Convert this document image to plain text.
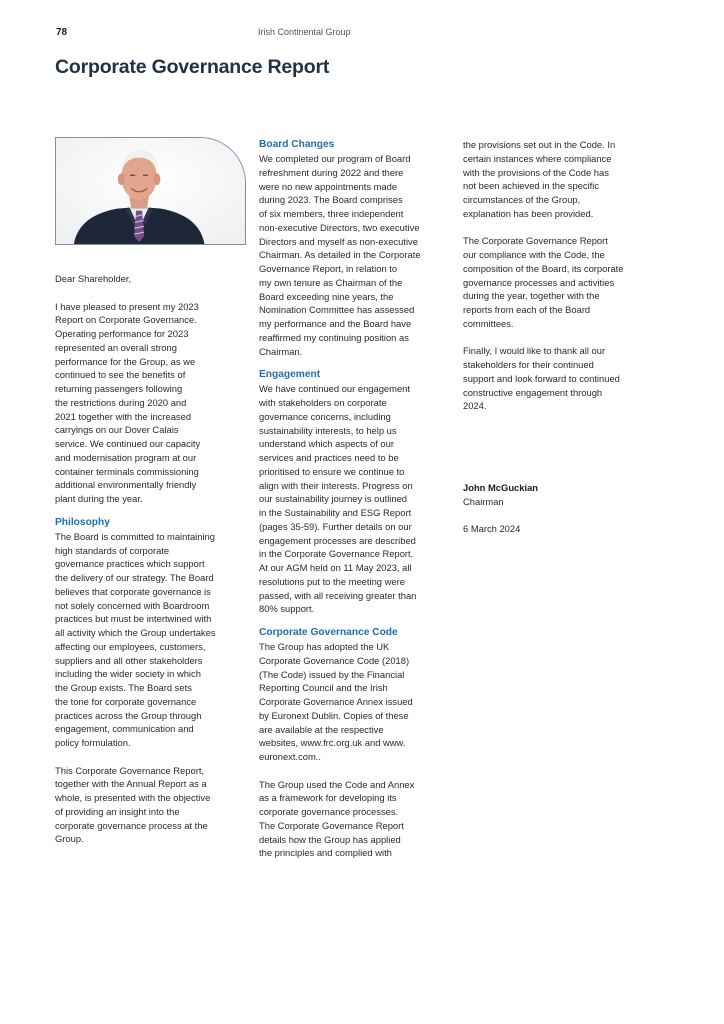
78	Irish Continental Group
Corporate Governance Report
Dear Shareholder,
I have pleased to present my 2023
Report on Corporate Governance.
Operating performance for 2023
represented an overall strong
performance for the Group, as we
continued to see the benefits of
returning passengers following
the restrictions during 2020 and
2021 together with the increased
carryings on our Dover Calais
service. We continued our capacity
and modernisation program at our
container terminals commissioning
additional environmentally friendly
plant during the year.
Philosophy
The Board is committed to maintaining
high standards of corporate
governance practices which support
the delivery of our strategy. The Board
believes that corporate governance is
not solely concerned with Boardroom
practices but must be intertwined with
all activity which the Group undertakes
affecting our employees, customers,
suppliers and all other stakeholders
including the wider society in which
the Group exists. The Board sets
the tone for corporate governance
practices across the Group through
engagement, communication and
policy formulation.
This Corporate Governance Report,
together with the Annual Report as a
whole, is presented with the objective
of providing an insight into the
corporate governance process at the
Group.
Board Changes
We completed our program of Board
refreshment during 2022 and there
were no new appointments made
during 2023. The Board comprises
of six members, three independent
non-executive Directors, two executive
Directors and myself as non-executive
Chairman. As detailed in the Corporate
Governance Report, in relation to
my own tenure as Chairman of the
Board exceeding nine years, the
Nomination Committee has assessed
my performance and the Board have
reaffirmed my continuing position as
Chairman.
Engagement
We have continued our engagement
with stakeholders on corporate
governance concerns, including
sustainability interests, to help us
understand which aspects of our
services and practices need to be
prioritised to ensure we continue to
align with their interests. Progress on
our sustainability journey is outlined
in the Sustainability and ESG Report
(pages 35-59). Further details on our
engagement processes are described
in the Corporate Governance Report.
At our AGM held on 11 May 2023, all
resolutions put to the meeting were
passed, with all receiving greater than
80% support.
Corporate Governance Code
The Group has adopted the UK
Corporate Governance Code (2018)
(The Code) issued by the Financial
Reporting Council and the Irish
Corporate Governance Annex issued
by Euronext Dublin. Copies of these
are available at the respective
websites, www.frc.org.uk and www.
euronext.com..
The Group used the Code and Annex
as a framework for developing its
corporate governance processes.
The Corporate Governance Report
details how the Group has applied
the principles and complied with
the provisions set out in the Code. In
certain instances where compliance
with the provisions of the Code has
not been achieved in the specific
circumstances of the Group,
explanation has been provided.
The Corporate Governance Report
our compliance with the Code, the
composition of the Board, its corporate
governance processes and activities
during the year, together with the
reports from each of the Board
committees.
Finally, I would like to thank all our
stakeholders for their continued
support and look forward to continued
constructive engagement through
2024.
John McGuckian
Chairman
6 March 2024
